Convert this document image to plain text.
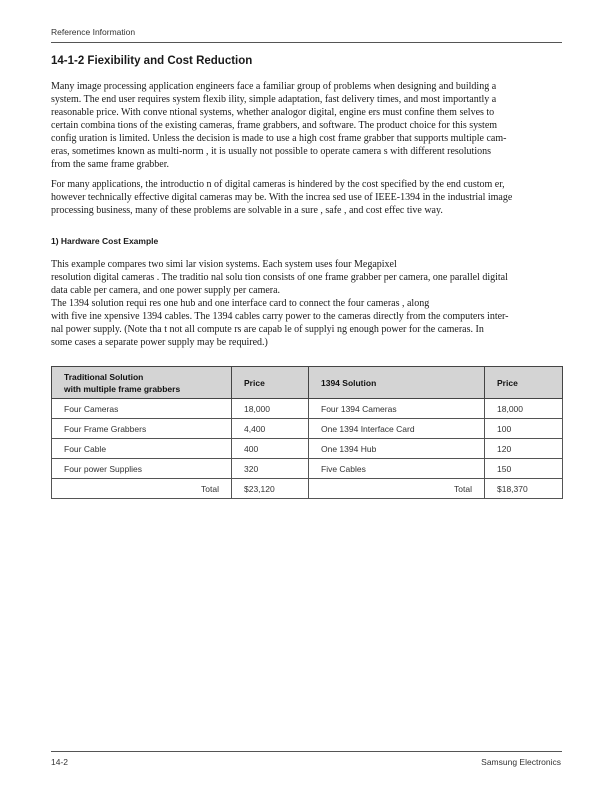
Reference Information
14-1-2 Fiexibility and Cost Reduction

Many image processing application engineers face a familiar group of problems when designing and building a
system. The end user requires system flexib ility, simple adaptation, fast delivery times, and most importantly a
reasonable price. With conve ntional systems, whether analogor digital, engine ers must confine them selves to
certain combina tions of the existing cameras, frame grabbers, and software. The product choice for this system
config uration is limited. Unless the decision is made to use a high cost frame grabber that supports multiple cam-
eras, sometimes known as multi-norm , it is usually not possible to operate camera s with different resolutions
from the same frame grabber.

For many applications, the introductio n of digital cameras is hindered by the cost specified by the end custom er,
however technically effective digital cameras may be. With the increa sed use of IEEE-1394 in the industrial image
processing business, many of these problems are solvable in a sure , safe , and cost effec tive way.

1) Hardware Cost Example

This example compares two simi lar vision systems. Each system uses four Megapixel
resolution digital cameras . The traditio nal solu tion consists of one frame grabber per camera, one parallel digital
data cable per camera, and one power supply per camera.
The 1394 solution requi res one hub and one interface card to connect the four cameras , along
with five ine xpensive 1394 cables. The 1394 cables carry power to the cameras directly from the computers inter-
nal power supply. (Note tha t not all compute rs are capab le of supplyi ng enough power for the cameras. In
some cases a separate power supply may be required.)

Traditional Solution
with multiple frame grabbers	Price	1394 Solution	Price
Four Cameras	18,000	Four 1394 Cameras	18,000
Four Frame Grabbers	4,400	One 1394 Interface Card	100
Four Cable	400	One 1394 Hub	120
Four power Supplies	320	Five Cables	150
Total	$23,120	Total	$18,370
14-2	Samsung Electronics
